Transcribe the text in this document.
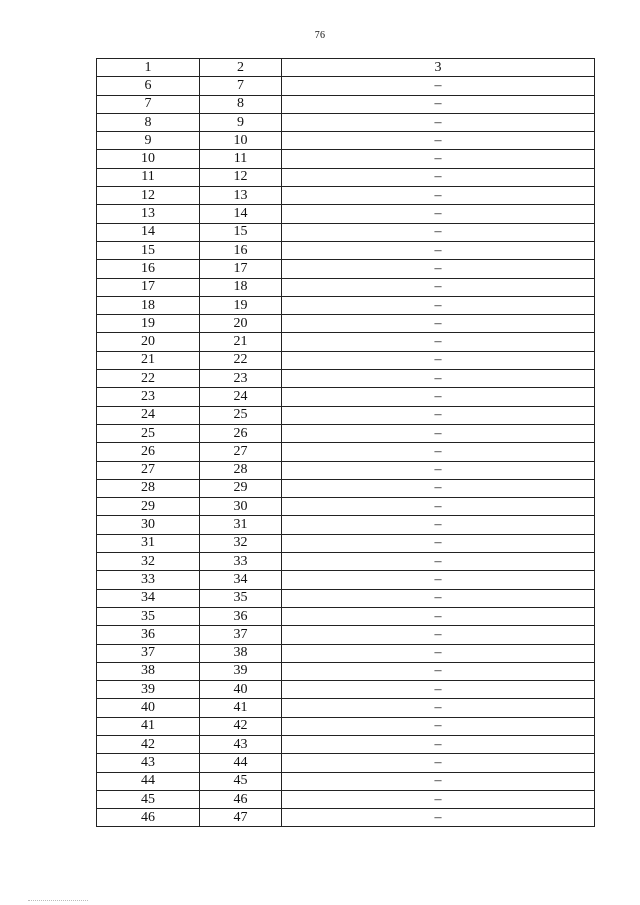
76
1	2	3
6	7	–
7	8	–
8	9	–
9	10	–
10	11	–
11	12	–
12	13	–
13	14	–
14	15	–
15	16	–
16	17	–
17	18	–
18	19	–
19	20	–
20	21	–
21	22	–
22	23	–
23	24	–
24	25	–
25	26	–
26	27	–
27	28	–
28	29	–
29	30	–
30	31	–
31	32	–
32	33	–
33	34	–
34	35	–
35	36	–
36	37	–
37	38	–
38	39	–
39	40	–
40	41	–
41	42	–
42	43	–
43	44	–
44	45	–
45	46	–
46	47	–
